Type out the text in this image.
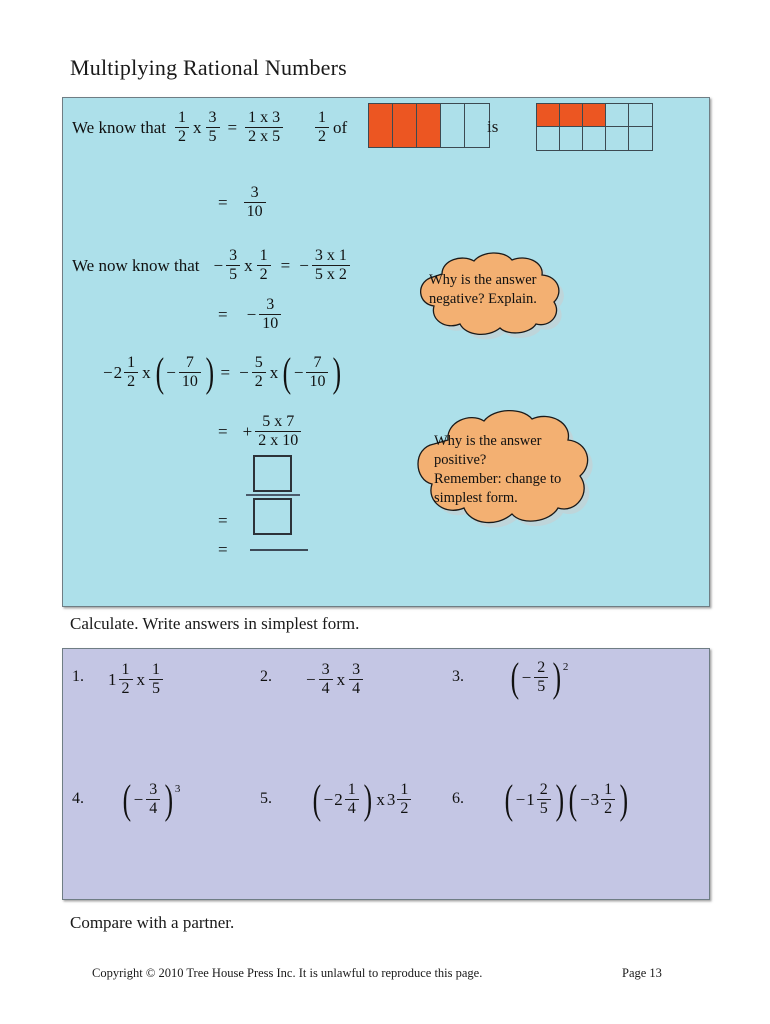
Multiplying Rational Numbers
We know that $\frac{1}{2}$ x $\frac{3}{5} = \frac{1 x 3}{2 x 5} \frac{1}{2}$ of	is
= $\frac{3}{10}$
We now know that − $\frac{3}{5}$ x $\frac{1}{2}$ = − $\frac{3 x 1}{5 x 2}$	Why is the answer
negative? Explain.
= − $\frac{3}{10}$
− $2 \frac{1}{2}$ x ( − $\frac{7}{10}$ ) = − $\frac{5}{2}$ x ( − $\frac{7}{10}$ )
= + $\frac{5 x 7}{2 x 10}$
=
=
Why is the answer
positive?
Remember: change to
simplest form.
Calculate. Write answers in simplest form.
1. $1 \frac{1}{2}$ x $\frac{1}{5}$	2. − $\frac{3}{4}$ x $\frac{3}{4}$	3. ( − $\frac{2}{5}$ ) 2
4. ( − $\frac{3}{4}$ ) 3
5. ( − $2 \frac{1}{4}$ ) x $3 \frac{1}{2}$	6. ( − $1 \frac{2}{5}$ ) ( − $3 \frac{1}{2}$ )
Compare with a partner.
Copyright © 2010 Tree House Press Inc. It is unlawful to reproduce this page.	Page 13
